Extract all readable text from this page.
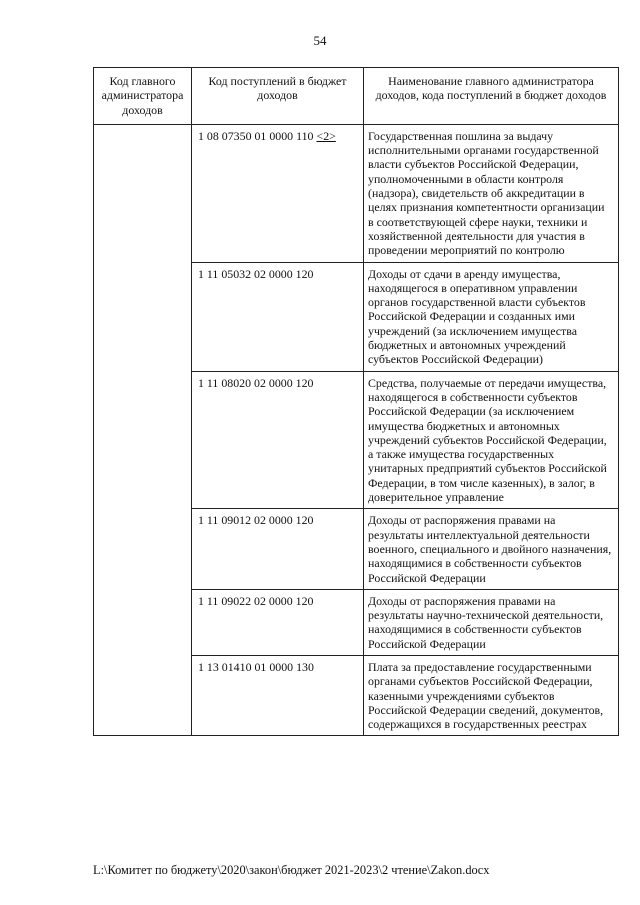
54
Код главного администратора доходов	Код поступлений в бюджет доходов	Наименование главного администратора доходов, кода поступлений в бюджет доходов
	1 08 07350 01 0000 110 <2>	Государственная пошлина за выдачу исполнительными органами государственной власти субъектов Российской Федерации, уполномоченными в области контроля (надзора), свидетельств об аккредитации в целях признания компетентности организации в соответствующей сфере науки, техники и хозяйственной деятельности для участия в проведении мероприятий по контролю
	1 11 05032 02 0000 120	Доходы от сдачи в аренду имущества, находящегося в оперативном управлении органов государственной власти субъектов Российской Федерации и созданных ими учреждений (за исключением имущества бюджетных и автономных учреждений субъектов Российской Федерации)
	1 11 08020 02 0000 120	Средства, получаемые от передачи имущества, находящегося в собственности субъектов Российской Федерации (за исключением имущества бюджетных и автономных учреждений субъектов Российской Федерации, а также имущества государственных унитарных предприятий субъектов Российской Федерации, в том числе казенных), в залог, в доверительное управление
	1 11 09012 02 0000 120	Доходы от распоряжения правами на результаты интеллектуальной деятельности военного, специального и двойного назначения, находящимися в собственности субъектов Российской Федерации
	1 11 09022 02 0000 120	Доходы от распоряжения правами на результаты научно-технической деятельности, находящимися в собственности субъектов Российской Федерации
	1 13 01410 01 0000 130	Плата за предоставление государственными органами субъектов Российской Федерации, казенными учреждениями субъектов Российской Федерации сведений, документов, содержащихся в государственных реестрах
L:\Комитет по бюджету\2020\закон\бюджет 2021-2023\2 чтение\Zakon.docx
